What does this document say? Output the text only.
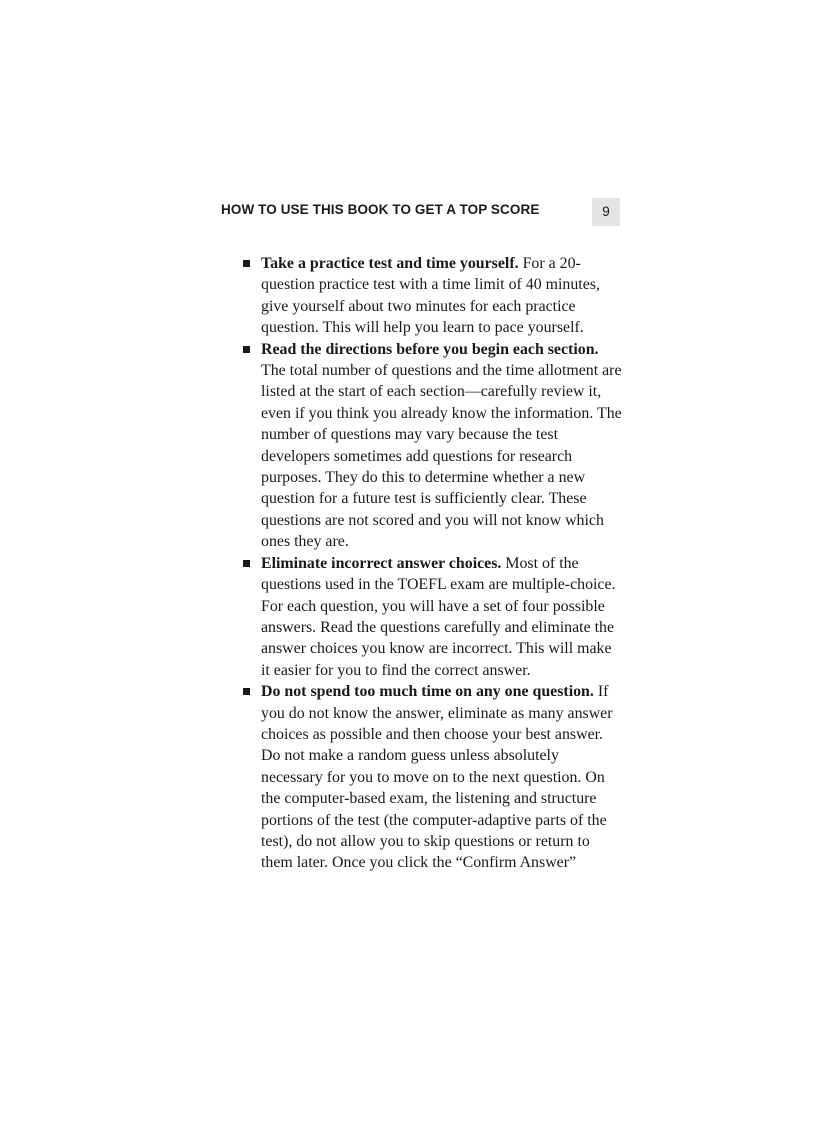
HOW TO USE THIS BOOK TO GET A TOP SCORE	9
Take a practice test and time yourself. For a 20-question practice test with a time limit of 40 minutes, give yourself about two minutes for each practice question. This will help you learn to pace yourself.
Read the directions before you begin each section. The total number of questions and the time allotment are listed at the start of each section—carefully review it, even if you think you already know the information. The number of questions may vary because the test developers sometimes add questions for research purposes. They do this to determine whether a new question for a future test is sufficiently clear. These questions are not scored and you will not know which ones they are.
Eliminate incorrect answer choices. Most of the questions used in the TOEFL exam are multiple-choice. For each question, you will have a set of four possible answers. Read the questions carefully and eliminate the answer choices you know are incorrect. This will make it easier for you to find the correct answer.
Do not spend too much time on any one question. If you do not know the answer, eliminate as many answer choices as possible and then choose your best answer. Do not make a random guess unless absolutely necessary for you to move on to the next question. On the computer-based exam, the listening and structure portions of the test (the computer-adaptive parts of the test), do not allow you to skip questions or return to them later. Once you click the “Confirm Answer”
